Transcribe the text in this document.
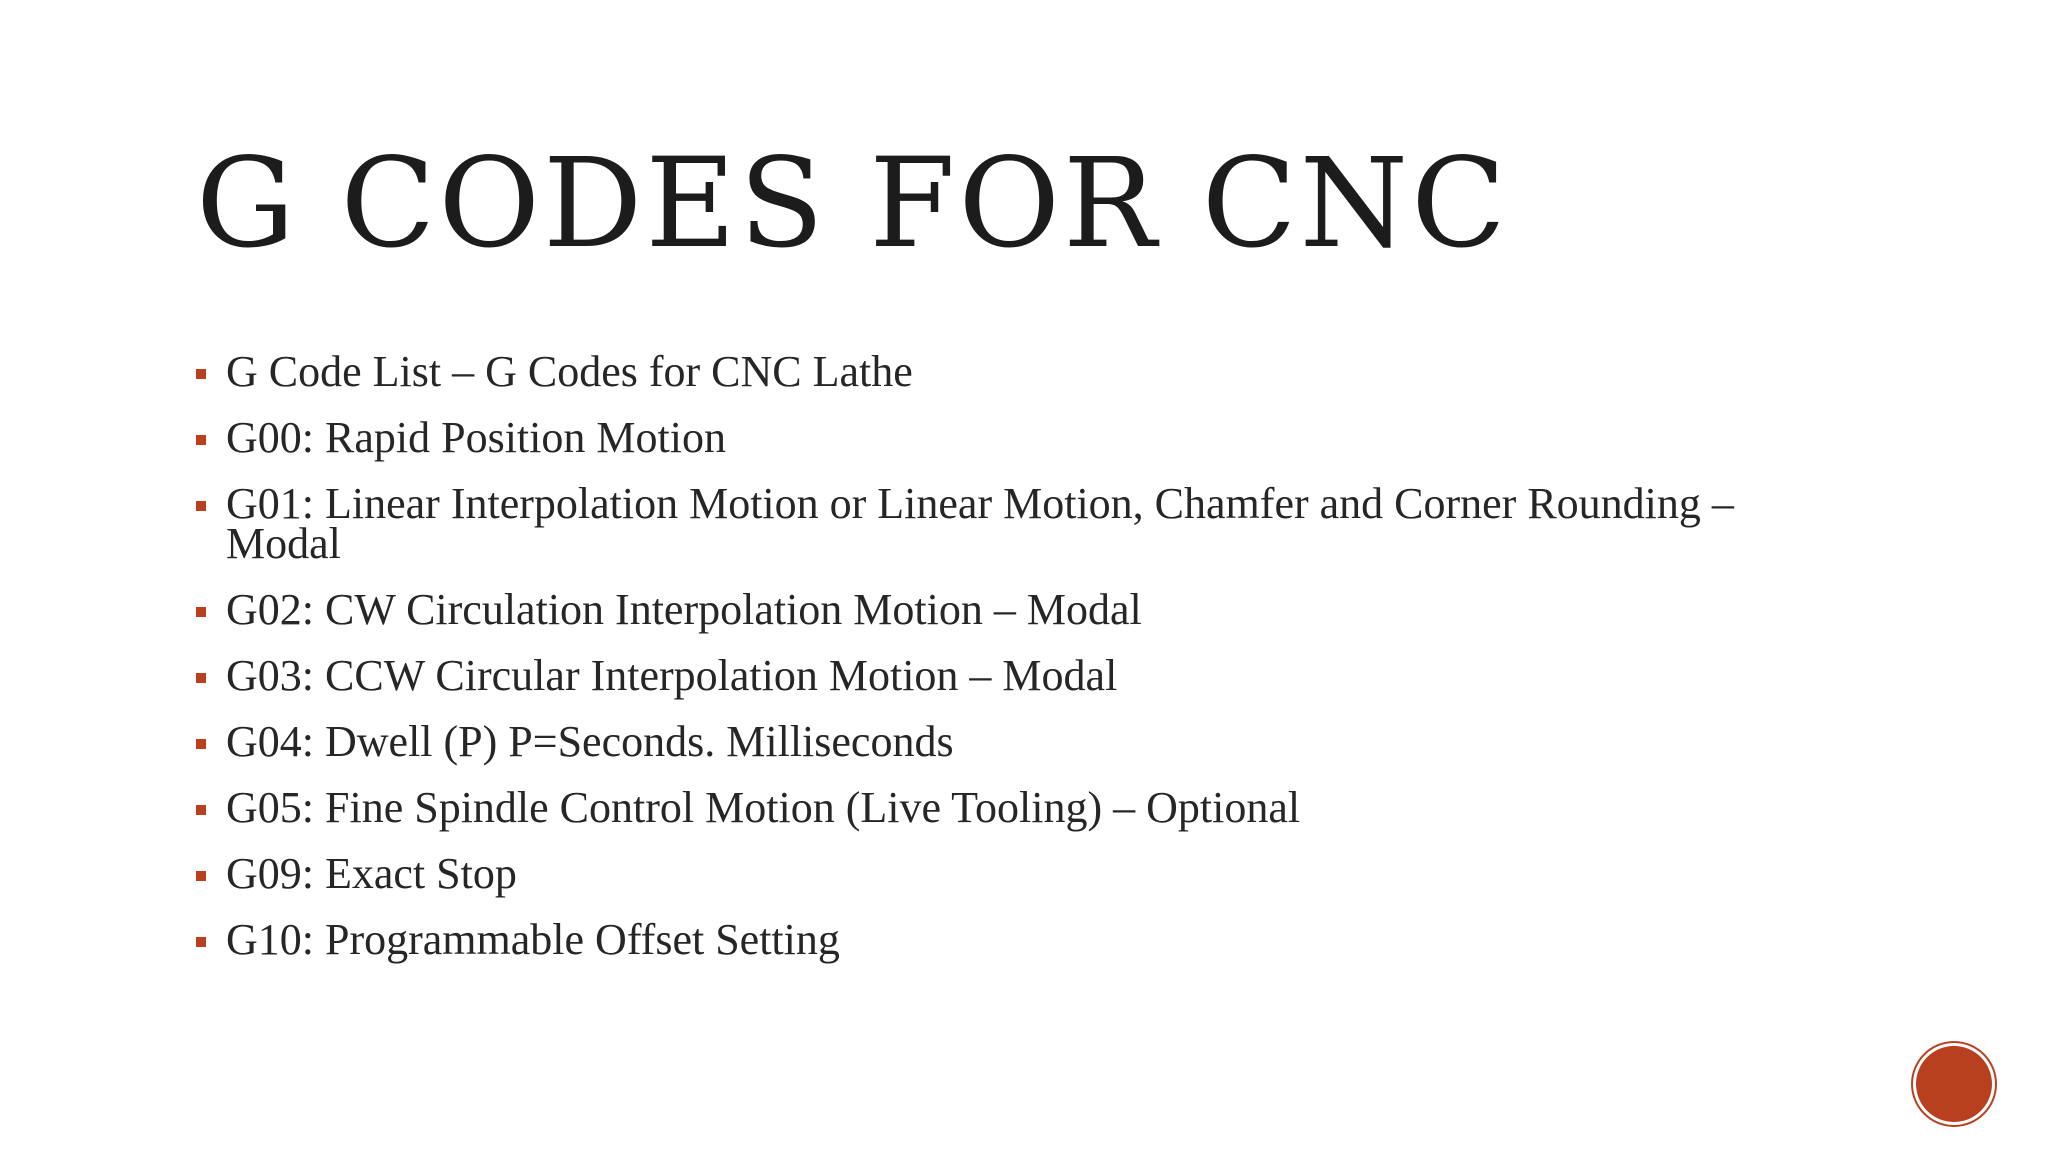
G CODES FOR CNC
G Code List – G Codes for CNC Lathe
G00: Rapid Position Motion
G01: Linear Interpolation Motion or Linear Motion, Chamfer and Corner Rounding – Modal
G02: CW Circulation Interpolation Motion – Modal
G03: CCW Circular Interpolation Motion – Modal
G04: Dwell (P) P=Seconds. Milliseconds
G05: Fine Spindle Control Motion (Live Tooling) – Optional
G09: Exact Stop
G10: Programmable Offset Setting
